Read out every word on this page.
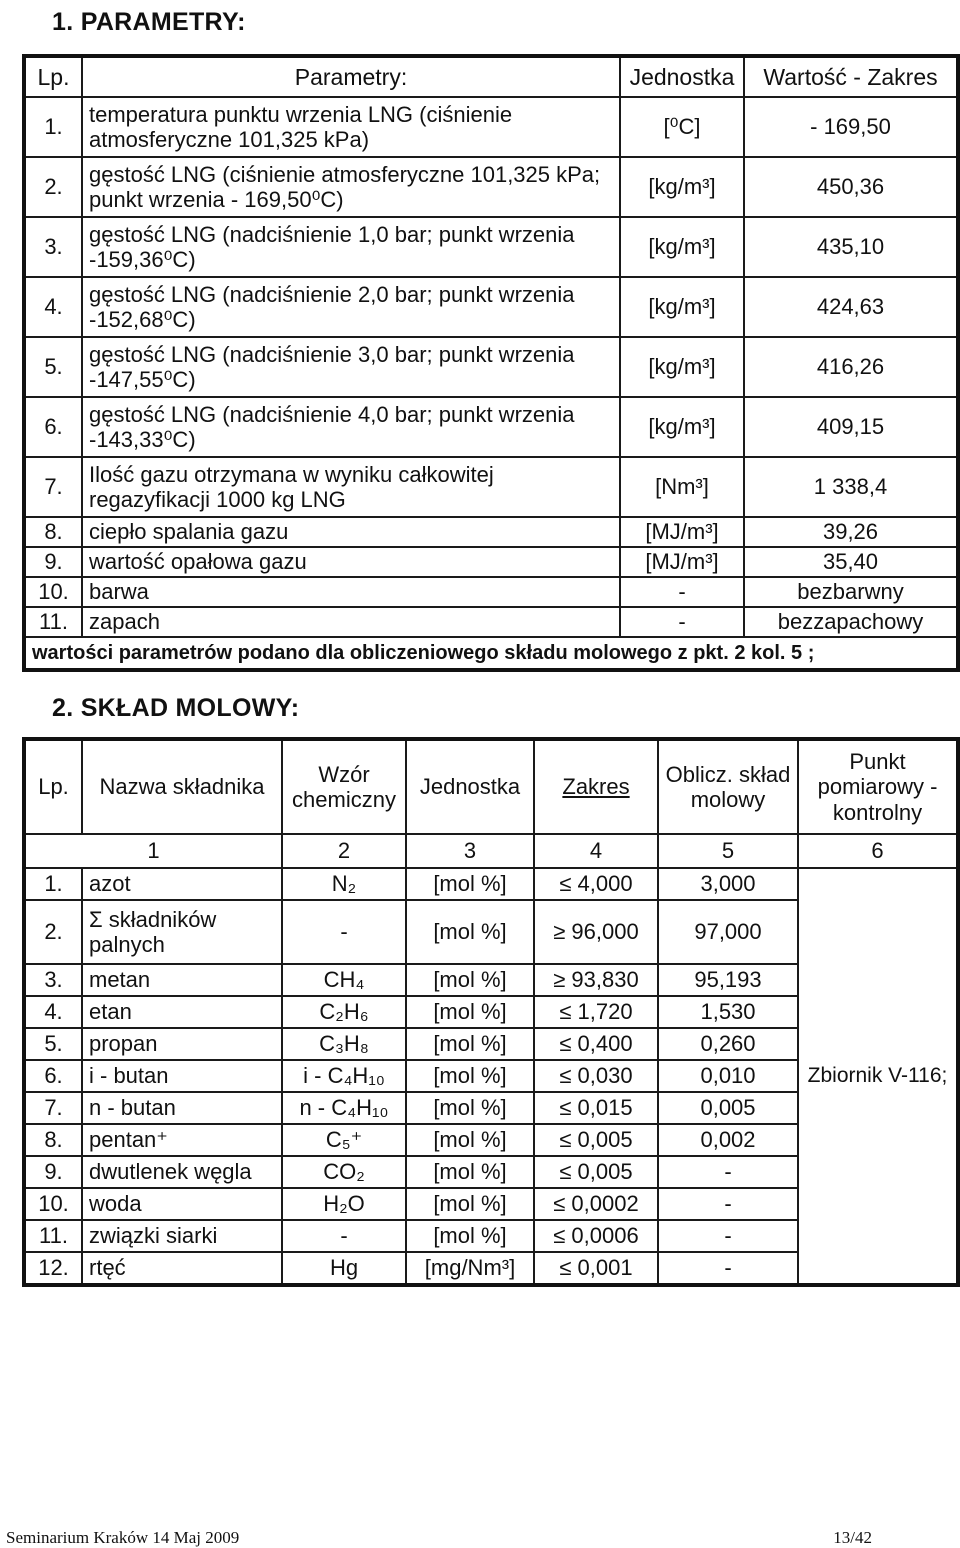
1. PARAMETRY:
Lp.	Parametry:	Jednostka	Wartość - Zakres
1.	temperatura punktu wrzenia LNG (ciśnienie atmosferyczne 101,325 kPa)	[⁰C]	- 169,50
2.	gęstość LNG (ciśnienie atmosferyczne 101,325 kPa; punkt wrzenia - 169,50⁰C)	[kg/m³]	450,36
3.	gęstość LNG (nadciśnienie 1,0 bar; punkt wrzenia -159,36⁰C)	[kg/m³]	435,10
4.	gęstość LNG (nadciśnienie 2,0 bar; punkt wrzenia -152,68⁰C)	[kg/m³]	424,63
5.	gęstość LNG (nadciśnienie 3,0 bar; punkt wrzenia -147,55⁰C)	[kg/m³]	416,26
6.	gęstość LNG (nadciśnienie 4,0 bar; punkt wrzenia -143,33⁰C)	[kg/m³]	409,15
7.	Ilość gazu otrzymana w wyniku całkowitej regazyfikacji 1000 kg LNG	[Nm³]	1 338,4
8.	ciepło spalania gazu	[MJ/m³]	39,26
9.	wartość opałowa gazu	[MJ/m³]	35,40
10.	barwa	-	bezbarwny
11.	zapach	-	bezzapachowy
wartości parametrów podano dla obliczeniowego składu molowego z pkt. 2 kol. 5 ;			
2. SKŁAD MOLOWY:
Lp.	Nazwa składnika	Wzór chemiczny	Jednostka	Zakres	Oblicz. skład molowy	Punkt pomiarowy - kontrolny
1		2	3	4	5	6
1.	azot	N₂	[mol %]	≤ 4,000	3,000	Zbiornik V-116;
2.	Σ składników palnych	-	[mol %]	≥ 96,000	97,000	
3.	metan	CH₄	[mol %]	≥ 93,830	95,193	
4.	etan	C₂H₆	[mol %]	≤ 1,720	1,530	
5.	propan	C₃H₈	[mol %]	≤ 0,400	0,260	
6.	i - butan	i - C₄H₁₀	[mol %]	≤ 0,030	0,010	
7.	n - butan	n - C₄H₁₀	[mol %]	≤ 0,015	0,005	
8.	pentan⁺	C₅⁺	[mol %]	≤ 0,005	0,002	
9.	dwutlenek węgla	CO₂	[mol %]	≤ 0,005	-	
10.	woda	H₂O	[mol %]	≤ 0,0002	-	
11.	związki siarki	-	[mol %]	≤ 0,0006	-	
12.	rtęć	Hg	[mg/Nm³]	≤ 0,001	-	
Seminarium Kraków 14 Maj 2009	13/42
